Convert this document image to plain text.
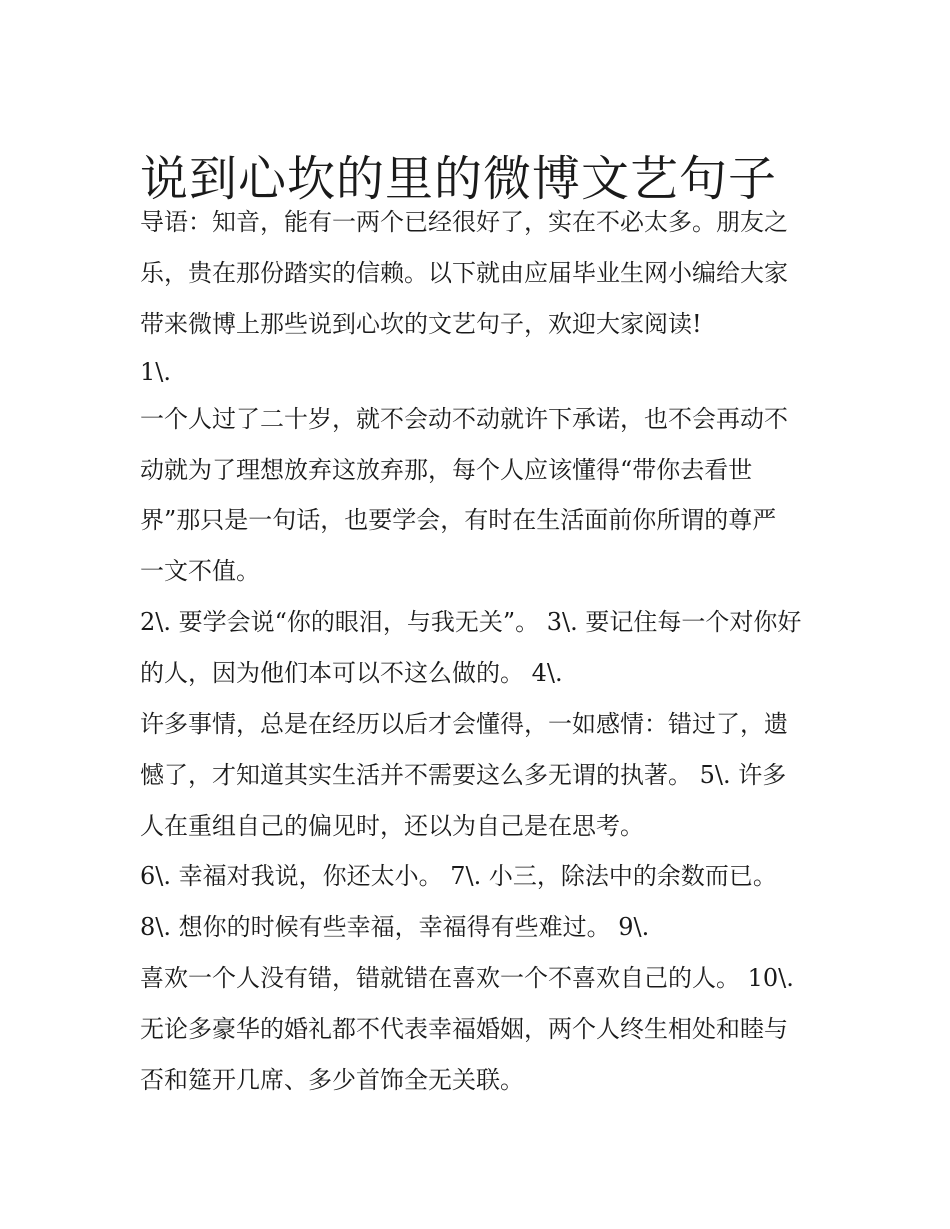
说到心坎的里的微博文艺句子
导语：知音，能有一两个已经很好了，实在不必太多。朋友之
乐，贵在那份踏实的信赖。以下就由应届毕业生网小编给大家
带来微博上那些说到心坎的文艺句子，欢迎大家阅读!
1\.
一个人过了二十岁，就不会动不动就许下承诺，也不会再动不
动就为了理想放弃这放弃那，每个人应该懂得“带你去看世
界”那只是一句话，也要学会，有时在生活面前你所谓的尊严
一文不值。
2\. 要学会说“你的眼泪，与我无关”。 3\. 要记住每一个对你好
的人，因为他们本可以不这么做的。 4\.
许多事情，总是在经历以后才会懂得，一如感情：错过了，遗
憾了，才知道其实生活并不需要这么多无谓的执著。 5\. 许多
人在重组自己的偏见时，还以为自己是在思考。
6\. 幸福对我说，你还太小。 7\. 小三，除法中的余数而已。
8\. 想你的时候有些幸福，幸福得有些难过。 9\.
喜欢一个人没有错，错就错在喜欢一个不喜欢自己的人。 10\.
无论多豪华的婚礼都不代表幸福婚姻，两个人终生相处和睦与
否和筵开几席、多少首饰全无关联。
